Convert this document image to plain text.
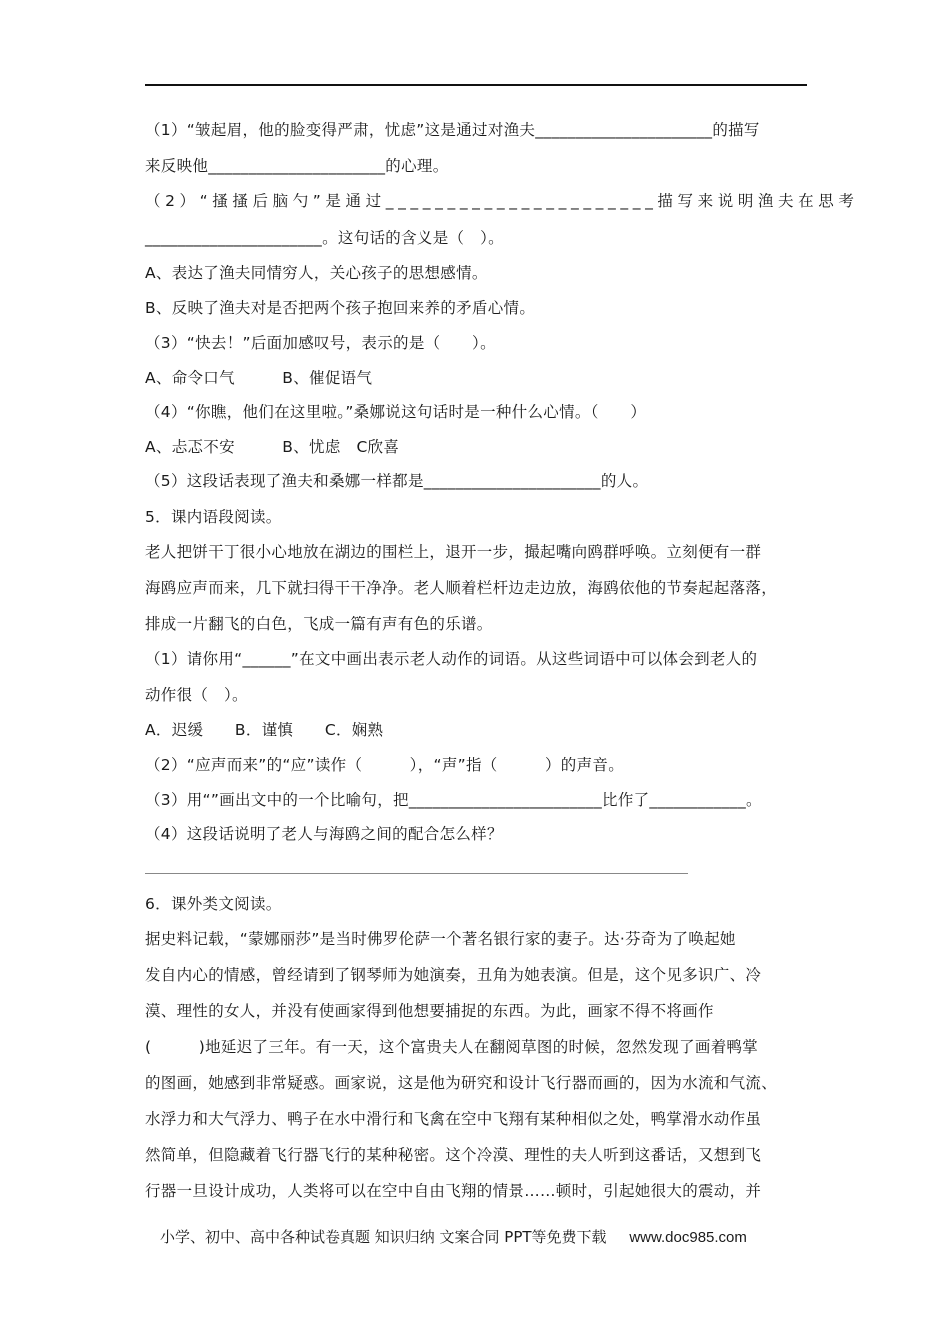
（1）“皱起眉，他的脸变得严肃，忧虑”这是通过对渔夫______________________的描写
来反映他______________________的心理。
（2）“搔搔后脑勺”是通过______________________描写来说明渔夫在思考
______________________。这句话的含义是（　）。
A、表达了渔夫同情穷人，关心孩子的思想感情。
B、反映了渔夫对是否把两个孩子抱回来养的矛盾心情。
（3）“快去！”后面加感叹号，表示的是（　　）。
A、命令口气　　　B、催促语气
（4）“你瞧，他们在这里啦。”桑娜说这句话时是一种什么心情。（　　）
A、忐忑不安　　　B、忧虑　C欣喜
（5）这段话表现了渔夫和桑娜一样都是______________________的人。
5．课内语段阅读。
老人把饼干丁很小心地放在湖边的围栏上，退开一步，撮起嘴向鸥群呼唤。立刻便有一群
海鸥应声而来，几下就扫得干干净净。老人顺着栏杆边走边放，海鸥依他的节奏起起落落，
排成一片翻飞的白色，飞成一篇有声有色的乐谱。
（1）请你用“______”在文中画出表示老人动作的词语。从这些词语中可以体会到老人的
动作很（　）。
A．迟缓　　B．谨慎　　C．娴熟
（2）“应声而来”的“应”读作（　　　），“声”指（　　　）的声音。
（3）用“”画出文中的一个比喻句，把________________________比作了____________。
（4）这段话说明了老人与海鸥之间的配合怎么样？
6．课外类文阅读。
据史料记载，“蒙娜丽莎”是当时佛罗伦萨一个著名银行家的妻子。达·芬奇为了唤起她
发自内心的情感，曾经请到了钢琴师为她演奏，丑角为她表演。但是，这个见多识广、冷
漠、理性的女人，并没有使画家得到他想要捕捉的东西。为此，画家不得不将画作
(　　　)地延迟了三年。有一天，这个富贵夫人在翻阅草图的时候，忽然发现了画着鸭掌
的图画，她感到非常疑惑。画家说，这是他为研究和设计飞行器而画的，因为水流和气流、
水浮力和大气浮力、鸭子在水中滑行和飞禽在空中飞翔有某种相似之处，鸭掌滑水动作虽
然简单，但隐藏着飞行器飞行的某种秘密。这个冷漠、理性的夫人听到这番话，又想到飞
行器一旦设计成功，人类将可以在空中自由飞翔的情景……顿时，引起她很大的震动，并
小学、初中、高中各种试卷真题 知识归纳 文案合同 PPT等免费下载 www.doc985.com
